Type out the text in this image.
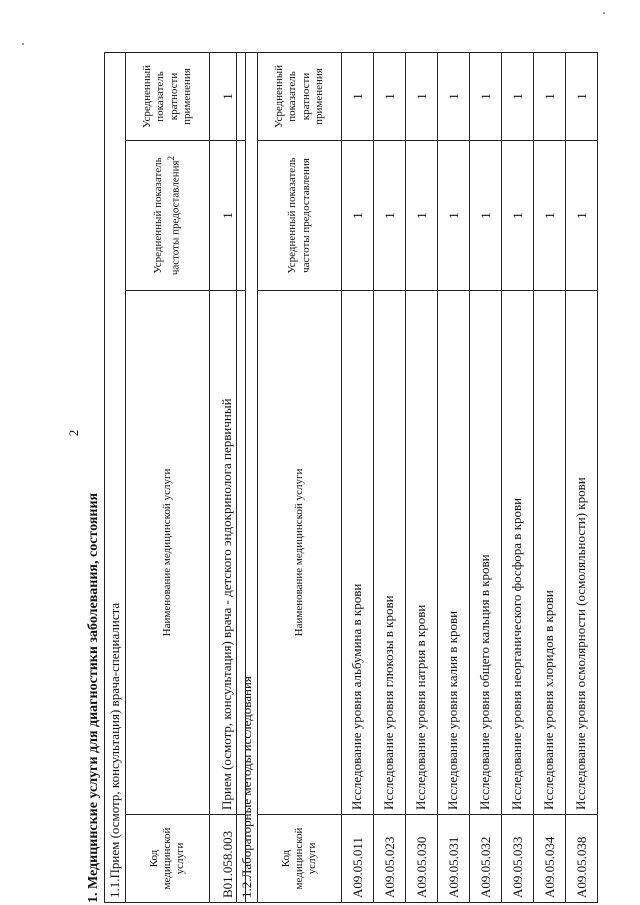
2
1. Медицинские услуги для диагностики заболевания, состояния 1.1.Прием (осмотр, консультация) врача-специалиста			
Код медицинской услуги	Наименование медицинской услуги	Усредненный показатель частоты предоставления$^2$	Усредненный показатель кратности применения
B01.058.003	Прием (осмотр, консультация) врача - детского эндокринолога первичный	1	1
1.2.Лабораторные методы исследования			
Код медицинской услуги	Наименование медицинской услуги	Усредненный показатель частоты предоставления	Усредненный показатель кратности применения
A09.05.011	Исследование уровня альбумина в крови	1	1
A09.05.023	Исследование уровня глюкозы в крови	1	1
A09.05.030	Исследование уровня натрия в крови	1	1
A09.05.031	Исследование уровня калия в крови	1	1
A09.05.032	Исследование уровня общего кальция в крови	1	1
A09.05.033	Исследование уровня неорганического фосфора в крови	1	1
A09.05.034	Исследование уровня хлоридов в крови	1	1
A09.05.038	Исследование уровня осмолярности (осмоляльности) крови	1	1
